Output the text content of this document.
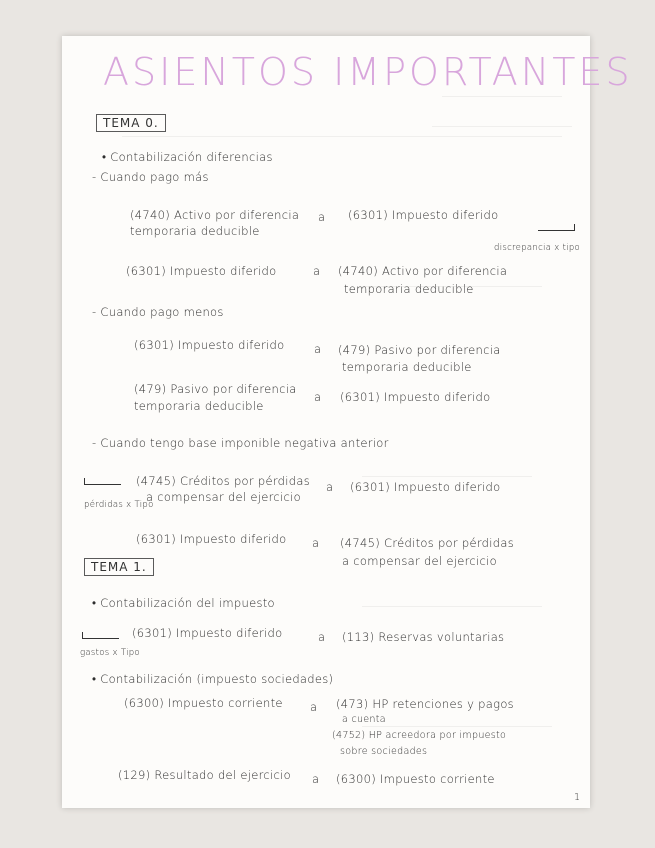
ASIENTOS IMPORTANTES
TEMA 0.
• Contabilización diferencias
- Cuando pago más
(4740) Activo por diferencia
temporaria deducible
a (6301) Impuesto diferido
discrepancia x tipo
(6301) Impuesto diferido	a (4740) Activo por diferencia
temporaria deducible
- Cuando pago menos
(6301) Impuesto diferido	a (479) Pasivo por diferencia
temporaria deducible
(479) Pasivo por diferencia
temporaria deducible
a (6301) Impuesto diferido
- Cuando tengo base imponible negativa anterior
(4745) Créditos por pérdidas
a compensar del ejercicio
a (6301) Impuesto diferido
pérdidas x Tipo
(6301) Impuesto diferido a (4745) Créditos por pérdidas
a compensar del ejercicio
TEMA 1.
• Contabilización del impuesto
(6301) Impuesto diferido	a (113) Reservas voluntarias
gastos x Tipo
• Contabilización (impuesto sociedades)
(6300) Impuesto corriente a (473) HP retenciones y pagos
a cuenta
(4752) HP acreedora por impuesto
sobre sociedades
(129) Resultado del ejercicio a (6300) Impuesto corriente
1
